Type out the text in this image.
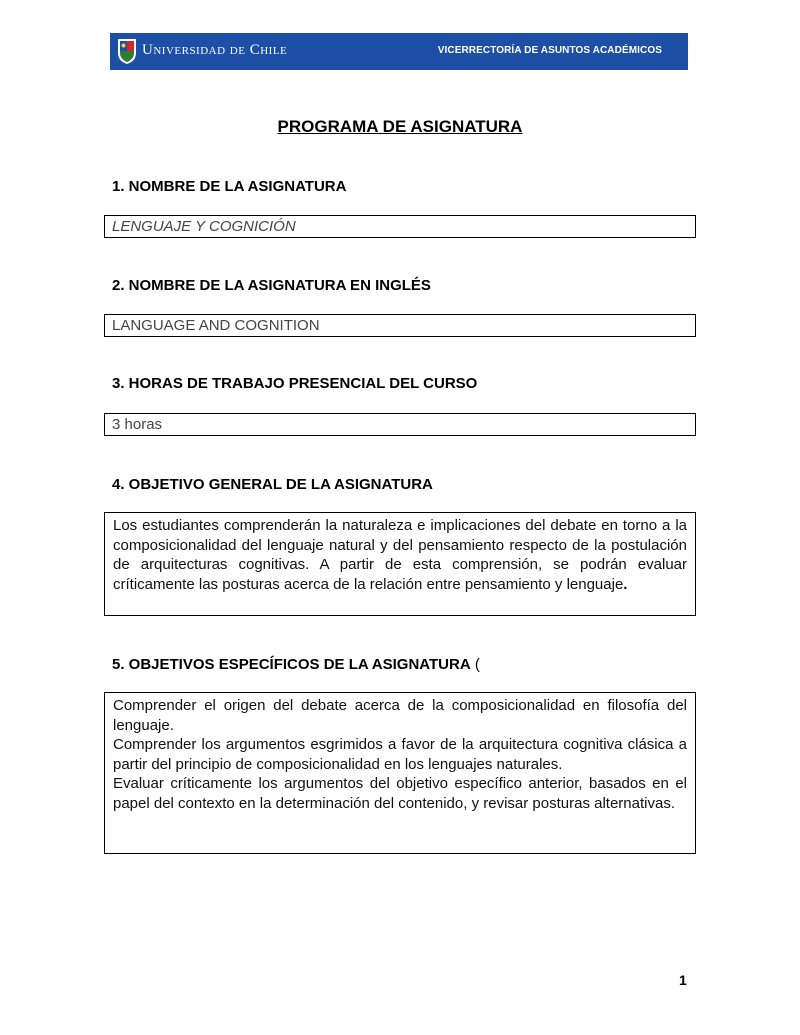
Universidad de Chile	VICERRECTORÍA DE ASUNTOS ACADÉMICOS
PROGRAMA DE ASIGNATURA
1. NOMBRE DE LA ASIGNATURA
LENGUAJE Y COGNICIÓN
2. NOMBRE DE LA ASIGNATURA EN INGLÉS
LANGUAGE AND COGNITION
3. HORAS DE TRABAJO PRESENCIAL DEL CURSO
3 horas
4. OBJETIVO GENERAL DE LA ASIGNATURA

Los estudiantes comprenderán la naturaleza e implicaciones del debate en torno a la composicionalidad del lenguaje natural y del pensamiento respecto de la postulación de arquitecturas cognitivas. A partir de esta comprensión, se podrán evaluar críticamente las posturas acerca de la relación entre pensamiento y lenguaje.

5. OBJETIVOS ESPECÍFICOS DE LA ASIGNATURA (

Comprender el origen del debate acerca de la composicionalidad en filosofía del lenguaje.

Comprender los argumentos esgrimidos a favor de la arquitectura cognitiva clásica a partir del principio de composicionalidad en los lenguajes naturales.

Evaluar críticamente los argumentos del objetivo específico anterior, basados en el papel del contexto en la determinación del contenido, y revisar posturas alternativas.

1
